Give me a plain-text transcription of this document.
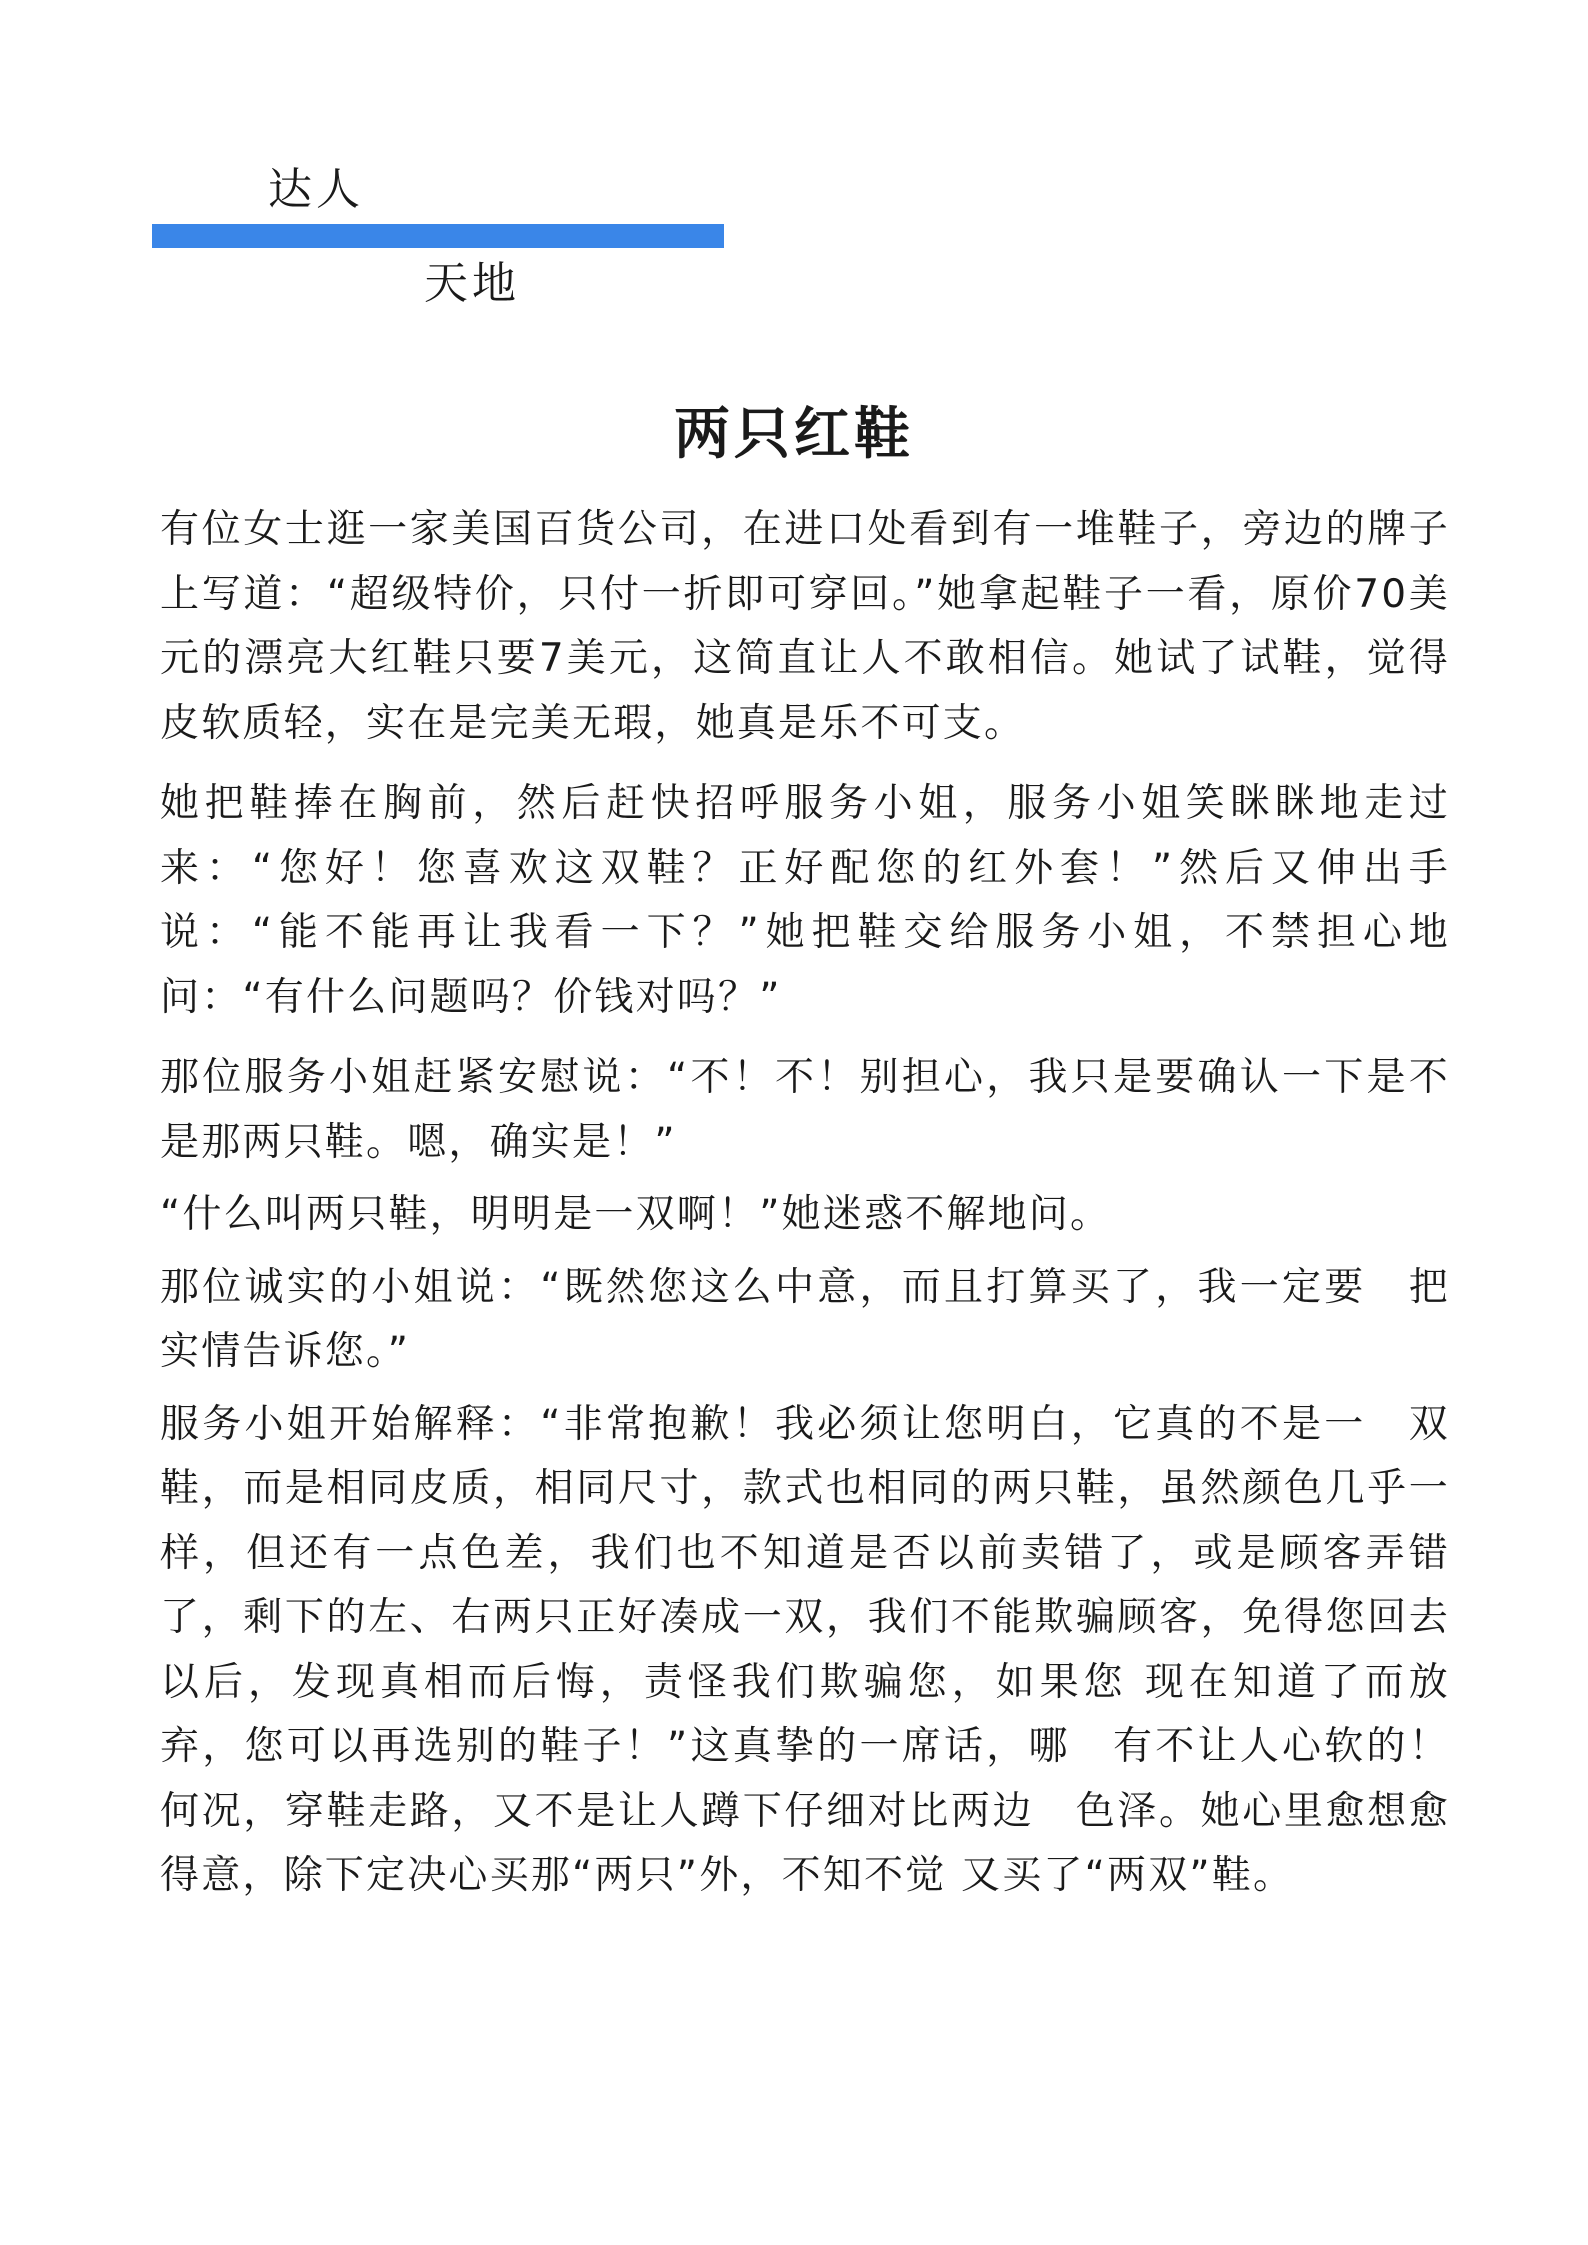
达人
天地
两只红鞋

有位女士逛一家美国百货公司，在进口处看到有一堆鞋子，旁边的牌子上写道：“超级特价，只付一折即可穿回。”她拿起鞋子一看，原价70美元的漂亮大红鞋只要7美元，这简直让人不敢相信。她试了试鞋，觉得皮软质轻，实在是完美无瑕，她真是乐不可支。

她把鞋捧在胸前，然后赶快招呼服务小姐，服务小姐笑眯眯地走过 来：“您好！您喜欢这双鞋？正好配您的红外套！”然后又伸出手　说：“能不能再让我看一下？”她把鞋交给服务小姐，不禁担心地 问：“有什么问题吗？价钱对吗？”

那位服务小姐赶紧安慰说：“不！不！别担心，我只是要确认一下是不是那两只鞋。嗯，确实是！”

“什么叫两只鞋，明明是一双啊！”她迷惑不解地问。

那位诚实的小姐说：“既然您这么中意，而且打算买了，我一定要　把实情告诉您。”

服务小姐开始解释：“非常抱歉！我必须让您明白，它真的不是一　双鞋，而是相同皮质，相同尺寸，款式也相同的两只鞋，虽然颜色几乎一样，但还有一点色差，我们也不知道是否以前卖错了，或是顾客弄错了，剩下的左、右两只正好凑成一双，我们不能欺骗顾客，免得您回去以后，发现真相而后悔，责怪我们欺骗您，如果您 现在知道了而放弃，您可以再选别的鞋子！”这真挚的一席话，哪　有不让人心软的！何况，穿鞋走路，又不是让人蹲下仔细对比两边　色泽。她心里愈想愈得意，除下定决心买那“两只”外，不知不觉 又买了“两双”鞋。
